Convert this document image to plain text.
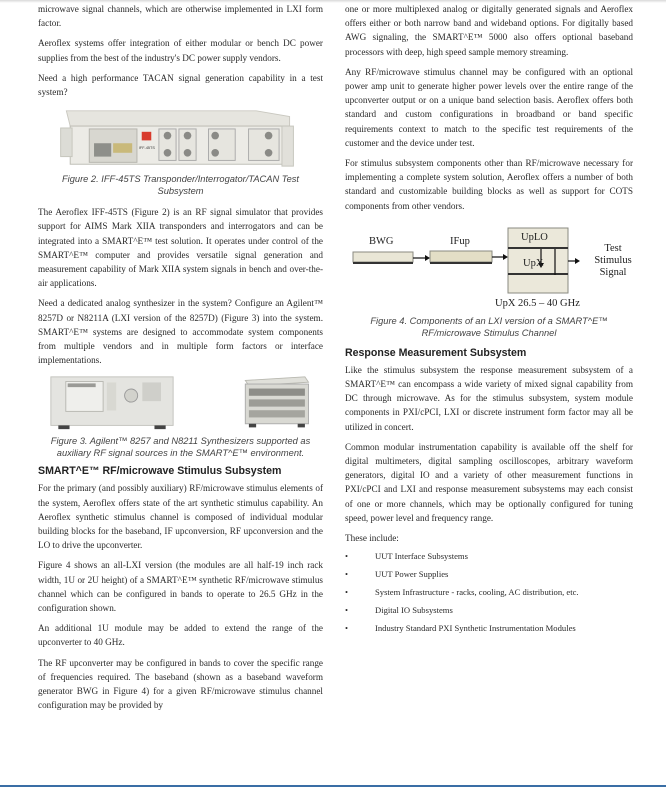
microwave signal channels, which are otherwise implemented in LXI form factor.

Aeroflex systems offer integration of either modular or bench DC power supplies from the best of the industry's DC power supply vendors.

Need a high performance TACAN signal generation capability in a test system?

IFF-45TS

Figure 2. IFF-45TS Transponder/Interrogator/TACAN Test Subsystem

The Aeroflex IFF-45TS (Figure 2) is an RF signal simulator that provides support for AIMS Mark XIIA transponders and interrogators and can be integrated into a SMART^E™ test solution. It operates under control of the SMART^E™ computer and provides versatile signal generation and measurement capability of Mark XIIA system signals in bench and over-the-air applications.

Need a dedicated analog synthesizer in the system? Configure an Agilent™ 8257D or N8211A (LXI version of the 8257D) (Figure 3) into the system. SMART^E™ systems are designed to accommodate system components from multiple vendors and in multiple form factors or interface implementations.

Figure 3. Agilent™ 8257 and N8211 Synthesizers supported as auxiliary RF signal sources in the SMART^E™ environment.

SMART^E™ RF/microwave Stimulus Subsystem

For the primary (and possibly auxiliary) RF/microwave stimulus elements of the system, Aeroflex offers state of the art synthetic stimulus capability. An Aeroflex synthetic stimulus channel is composed of individual modular building blocks for the baseband, IF upconversion, RF upconversion and the LO to drive the upconverter.

Figure 4 shows an all-LXI version (the modules are all half-19 inch rack width, 1U or 2U height) of a SMART^E™ synthetic RF/microwave stimulus channel which can be configured in bands to operate to 26.5 GHz in the configuration shown.

An additional 1U module may be added to extend the range of the upconverter to 40 GHz.

The RF upconverter may be configured in bands to cover the specific range of frequencies required. The baseband (shown as a baseband waveform generator BWG in Figure 4) for a given RF/microwave stimulus channel configuration may be provided by

one or more multiplexed analog or digitally generated signals and Aeroflex offers either or both narrow band and wideband options. For digitally based AWG signaling, the SMART^E™ 5000 also offers optional baseband processors with deep, high speed sample memory streaming.

Any RF/microwave stimulus channel may be configured with an optional power amp unit to generate higher power levels over the entire range of the upconverter output or on a unique band selection basis. Aeroflex offers both standard and custom configurations in broadband or band specific requirements context to match to the specific test requirements of the customer and the device under test.

For stimulus subsystem components other than RF/microwave necessary for implementing a complete system solution, Aeroflex offers a number of both standard and customizable building blocks as well as support for COTS components from other vendors.

BWG	IFup	UpLO
UpX
Test Stimulus Signal
UpX 26.5 – 40 GHz

Figure 4. Components of an LXI version of a SMART^E™ RF/microwave Stimulus Channel

Response Measurement Subsystem

Like the stimulus subsystem the response measurement subsystem of a SMART^E™ can encompass a wide variety of mixed signal capability from DC through microwave. As for the stimulus subsystem, system module components in PXI/cPCI, LXI or discrete instrument form factor may all be utilized in concert.

Common modular instrumentation capability is available off the shelf for digital multimeters, digital sampling oscilloscopes, arbitrary waveform generators, digital IO and a variety of other measurement functions in PXI/cPCI and LXI and response measurement subsystems may each consist of one or more channels, which may be optionally configured for tuning speed, power level and frequency range.

These include:

• UUT Interface Subsystems
• UUT Power Supplies
• System Infrastructure - racks, cooling, AC distribution, etc.
• Digital IO Subsystems
• Industry Standard PXI Synthetic Instrumentation Modules
